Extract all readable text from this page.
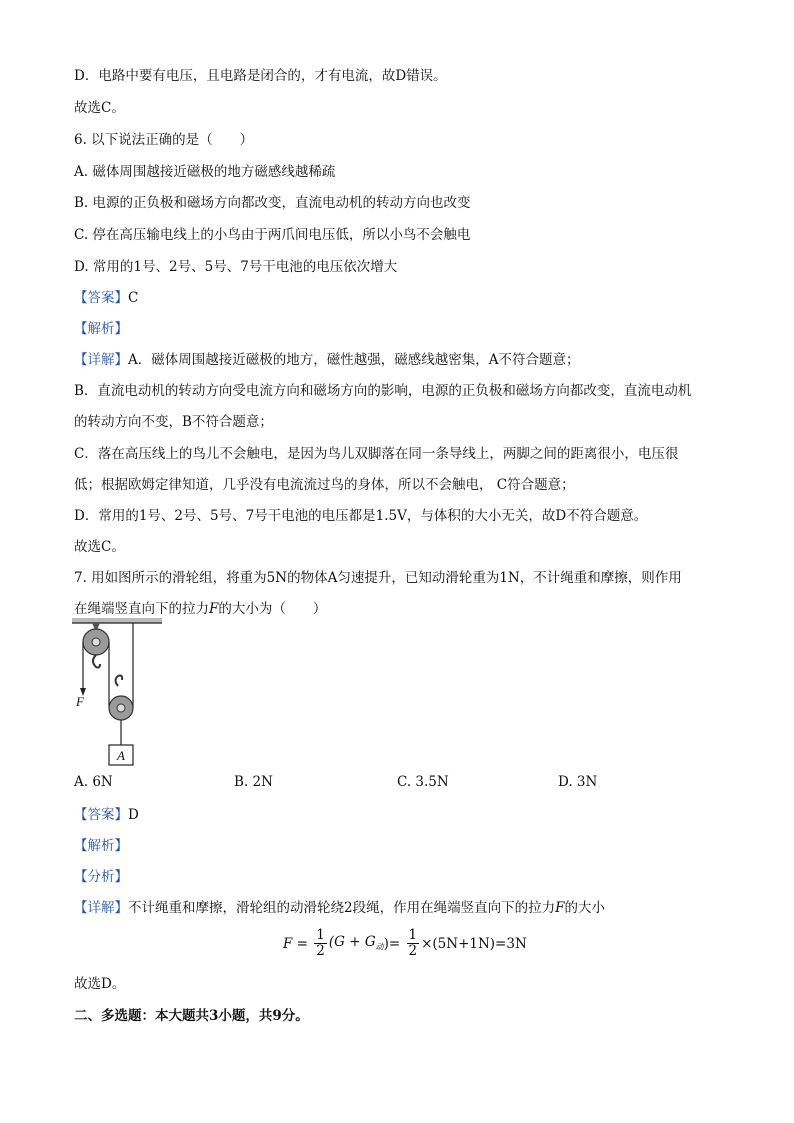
D．电路中要有电压，且电路是闭合的，才有电流，故D错误。
故选C。
6. 以下说法正确的是（　　）
A. 磁体周围越接近磁极的地方磁感线越稀疏
B. 电源的正负极和磁场方向都改变，直流电动机的转动方向也改变
C. 停在高压输电线上的小鸟由于两爪间电压低，所以小鸟不会触电
D. 常用的1号、2号、5号、7号干电池的电压依次增大
【答案】C
【解析】
【详解】A．磁体周围越接近磁极的地方，磁性越强，磁感线越密集，A不符合题意；
B．直流电动机的转动方向受电流方向和磁场方向的影响，电源的正负极和磁场方向都改变，直流电动机
的转动方向不变，B不符合题意；
C．落在高压线上的鸟儿不会触电，是因为鸟儿双脚落在同一条导线上，两脚之间的距离很小，电压很
低；根据欧姆定律知道，几乎没有电流流过鸟的身体，所以不会触电， C符合题意；
D．常用的1号、2号、5号、7号干电池的电压都是1.5V，与体积的大小无关，故D不符合题意。
故选C。
7. 用如图所示的滑轮组，将重为5N的物体A匀速提升，已知动滑轮重为1N，不计绳重和摩擦，则作用
在绳端竖直向下的拉力F的大小为（　　）
F
A
A. 6N	B. 2N	C. 3.5N	D. 3N
【答案】D
【解析】
【分析】
【详解】不计绳重和摩擦，滑轮组的动滑轮绕2段绳，作用在绳端竖直向下的拉力F的大小
$F = \frac{1}{2} (G + G_动)= \frac{1}{2} \times(5N+1N)=3N$
故选D。
二、多选题：本大题共3小题，共9分。
